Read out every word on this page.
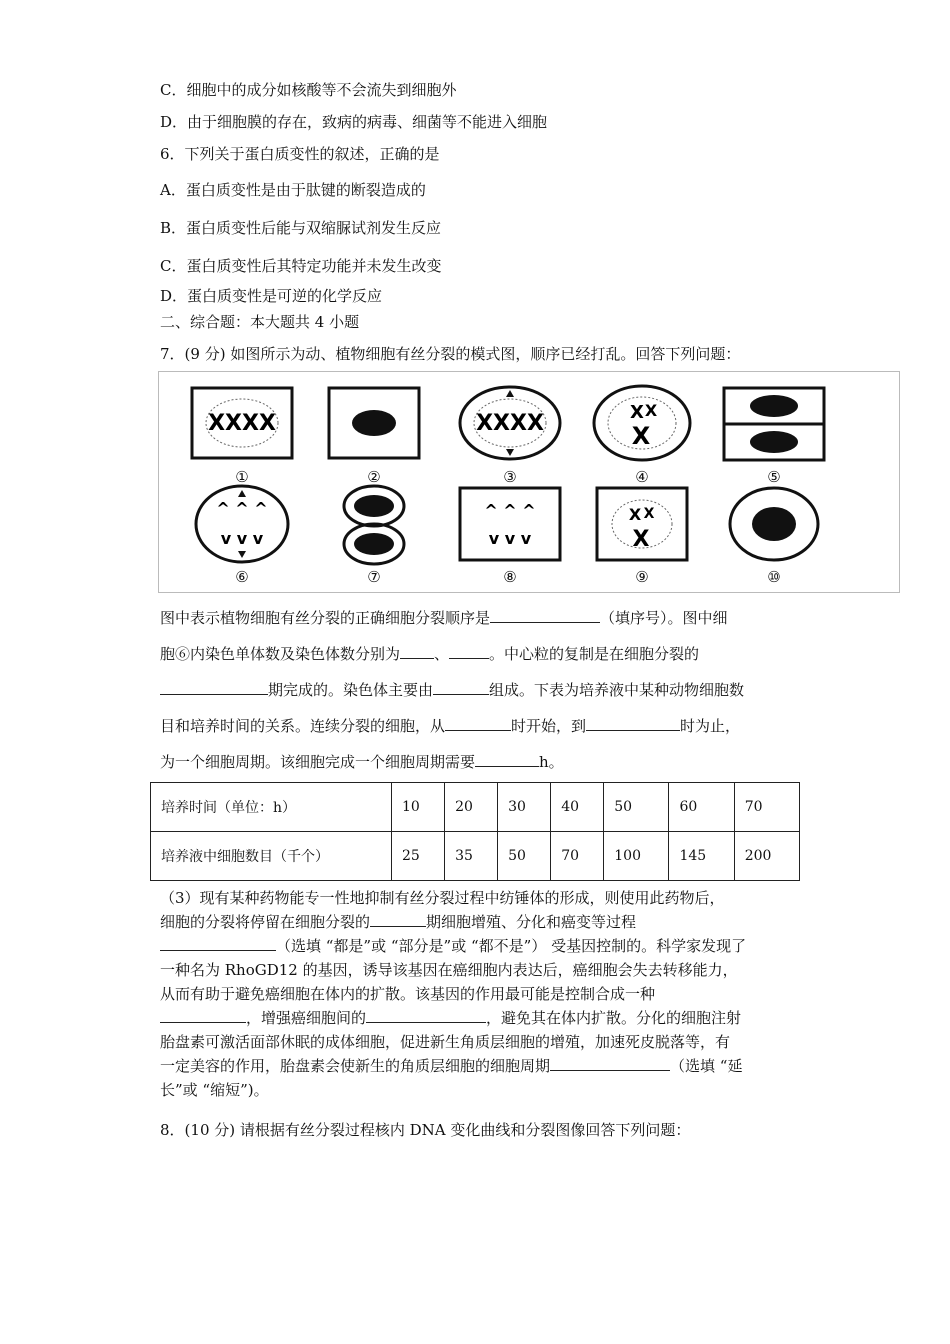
C．细胞中的成分如核酸等不会流失到细胞外
D．由于细胞膜的存在，致病的病毒、细菌等不能进入细胞
6．下列关于蛋白质变性的叙述，正确的是
A．蛋白质变性是由于肽键的断裂造成的
B．蛋白质变性后能与双缩脲试剂发生反应
C．蛋白质变性后其特定功能并未发生改变
D．蛋白质变性是可逆的化学反应
二、综合题：本大题共 4 小题
7．(9 分) 如图所示为动、植物细胞有丝分裂的模式图，顺序已经打乱。回答下列问题：
XXXX
①	②
XXXX
③
X X
X
④	⑤
^ ^ ^
v v v
⑥	⑦
^ ^ ^
v v v
⑧
X X
X
⑨	⑩
图中表示植物细胞有丝分裂的正确细胞分裂顺序是	（填序号）。图中细
胞⑥内染色单体数及染色体数分别为 、	。中心粒的复制是在细胞分裂的
期完成的。染色体主要由	组成。下表为培养液中某种动物细胞数
目和培养时间的关系。连续分裂的细胞，从	时开始，到	时为止，
为一个细胞周期。该细胞完成一个细胞周期需要	h。
培养时间（单位：h）	10	20	30	40	50	60	70
培养液中细胞数目（千个）	25	35	50	70	100	145	200
（3）现有某种药物能专一性地抑制有丝分裂过程中纺锤体的形成，则使用此药物后，
细胞的分裂将停留在细胞分裂的	期细胞增殖、分化和癌变等过程
（选填 “都是”或 “部分是”或 “都不是”） 受基因控制的。科学家发现了
一种名为 RhoGD12 的基因，诱导该基因在癌细胞内表达后，癌细胞会失去转移能力，
从而有助于避免癌细胞在体内的扩散。该基因的作用最可能是控制合成一种
，增强癌细胞间的	，避免其在体内扩散。分化的细胞注射
胎盘素可激活面部休眠的成体细胞，促进新生角质层细胞的增殖，加速死皮脱落等，有
一定美容的作用，胎盘素会使新生的角质层细胞的细胞周期	（选填 “延
长”或 “缩短”)。
8．(10 分) 请根据有丝分裂过程核内 DNA 变化曲线和分裂图像回答下列问题：
